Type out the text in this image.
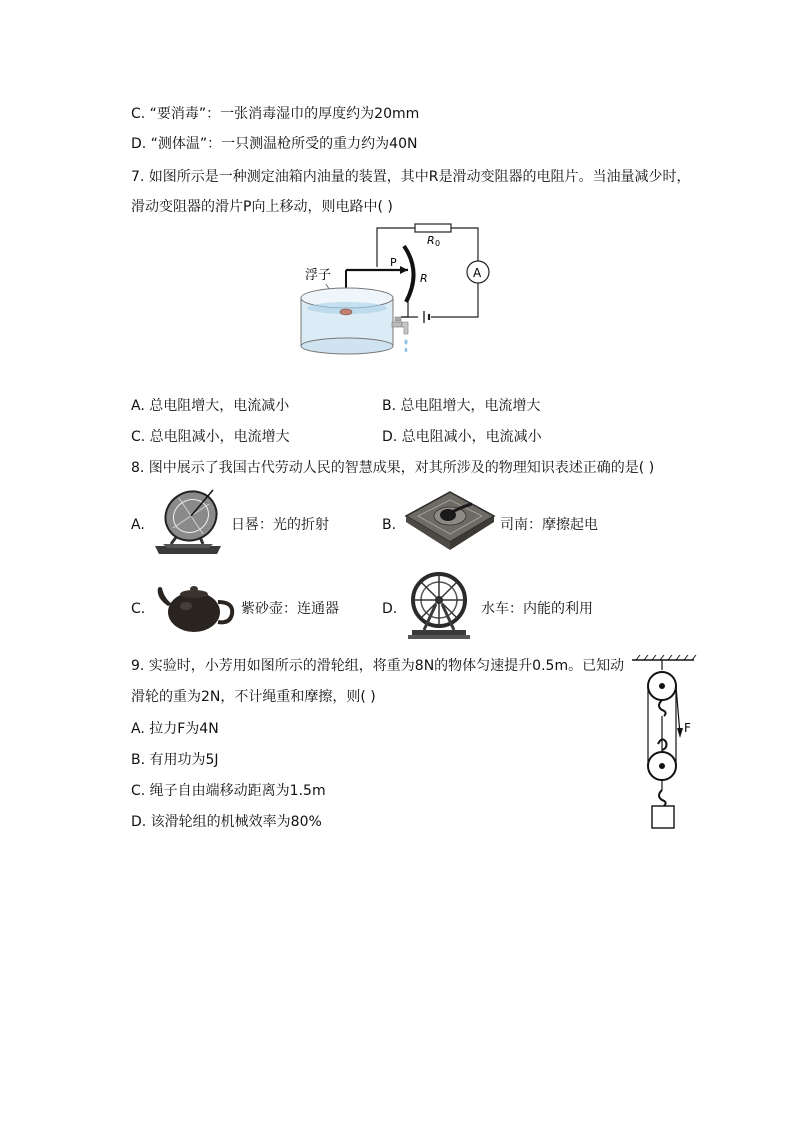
C. “要消毒”：一张消毒湿巾的厚度约为20mm
D. “测体温”：一只测温枪所受的重力约为40N
7. 如图所示是一种测定油箱内油量的装置，其中R是滑动变阻器的电阻片。当油量减少时，
滑动变阻器的滑片P向上移动，则电路中( )
R 0
A
R
P
浮子
A. 总电阻增大，电流减小	B. 总电阻增大，电流增大
C. 总电阻减小，电流增大	D. 总电阻减小，电流减小
8. 图中展示了我国古代劳动人民的智慧成果，对其所涉及的物理知识表述正确的是( )
A.	日晷：光的折射	B.	司南：摩擦起电
C.	紫砂壶：连通器	D.	水车：内能的利用
9. 实验时，小芳用如图所示的滑轮组，将重为8N的物体匀速提升0.5m。已知动
滑轮的重为2N，不计绳重和摩擦，则( )
A. 拉力F为4N
B. 有用功为5J
C. 绳子自由端移动距离为1.5m
D. 该滑轮组的机械效率为80%
F
